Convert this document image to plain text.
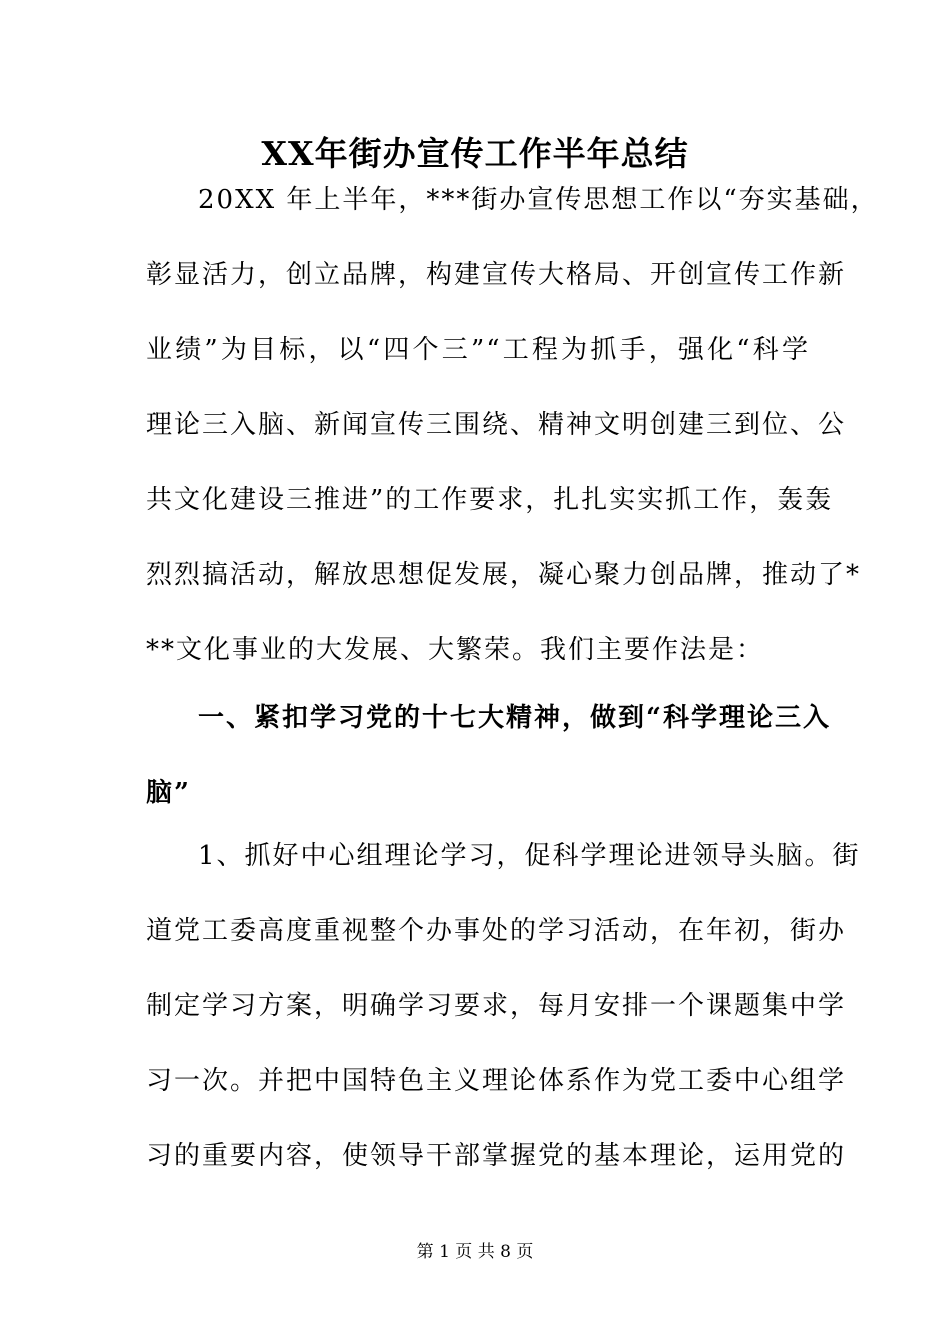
XX年街办宣传工作半年总结
20XX 年上半年，***街办宣传思想工作以“夯实基础，
彰显活力，创立品牌，构建宣传大格局、开创宣传工作新
业绩”为目标，以“四个三”“工程为抓手，强化“科学
理论三入脑、新闻宣传三围绕、精神文明创建三到位、公
共文化建设三推进”的工作要求，扎扎实实抓工作，轰轰
烈烈搞活动，解放思想促发展，凝心聚力创品牌，推动了*
**文化事业的大发展、大繁荣。我们主要作法是：
一、紧扣学习党的十七大精神，做到“科学理论三入
脑”
1、抓好中心组理论学习，促科学理论进领导头脑。街
道党工委高度重视整个办事处的学习活动，在年初，街办
制定学习方案，明确学习要求，每月安排一个课题集中学
习一次。并把中国特色主义理论体系作为党工委中心组学
习的重要内容，使领导干部掌握党的基本理论，运用党的
第 1 页 共 8 页
